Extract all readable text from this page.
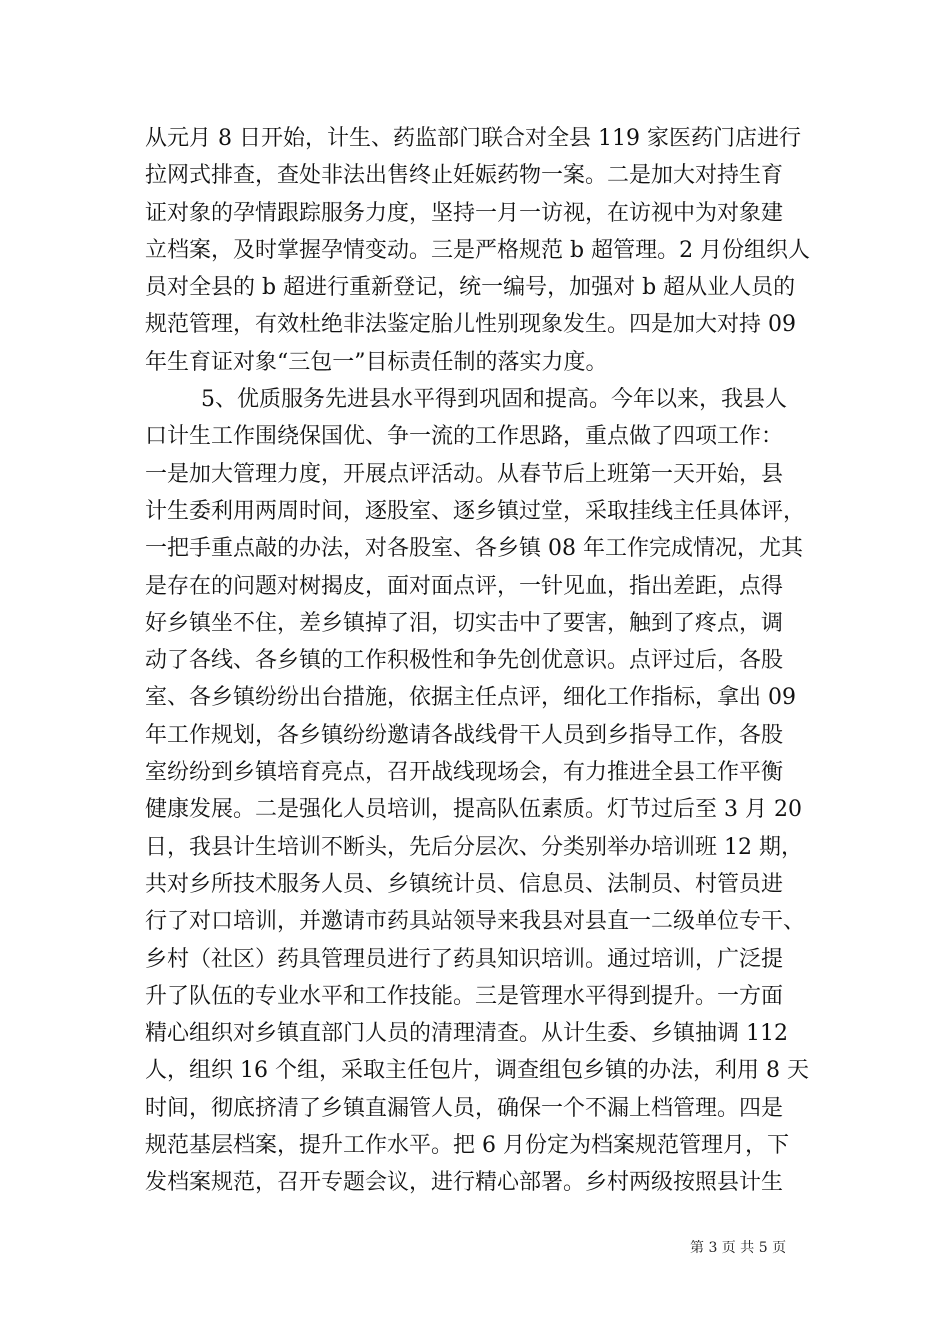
从元月 8 日开始，计生、药监部门联合对全县 119 家医药门店进行
拉网式排查，查处非法出售终止妊娠药物一案。二是加大对持生育
证对象的孕情跟踪服务力度，坚持一月一访视，在访视中为对象建
立档案，及时掌握孕情变动。三是严格规范 b 超管理。2 月份组织人
员对全县的 b 超进行重新登记，统一编号，加强对 b 超从业人员的
规范管理，有效杜绝非法鉴定胎儿性别现象发生。四是加大对持 09
年生育证对象“三包一”目标责任制的落实力度。
5、优质服务先进县水平得到巩固和提高。今年以来，我县人
口计生工作围绕保国优、争一流的工作思路，重点做了四项工作：
一是加大管理力度，开展点评活动。从春节后上班第一天开始，县
计生委利用两周时间，逐股室、逐乡镇过堂，采取挂线主任具体评，
一把手重点敲的办法，对各股室、各乡镇 08 年工作完成情况，尤其
是存在的问题对树揭皮，面对面点评，一针见血，指出差距，点得
好乡镇坐不住，差乡镇掉了泪，切实击中了要害，触到了疼点，调
动了各线、各乡镇的工作积极性和争先创优意识。点评过后，各股
室、各乡镇纷纷出台措施，依据主任点评，细化工作指标，拿出 09
年工作规划，各乡镇纷纷邀请各战线骨干人员到乡指导工作，各股
室纷纷到乡镇培育亮点，召开战线现场会，有力推进全县工作平衡
健康发展。二是强化人员培训，提高队伍素质。灯节过后至 3 月 20
日，我县计生培训不断头，先后分层次、分类别举办培训班 12 期，
共对乡所技术服务人员、乡镇统计员、信息员、法制员、村管员进
行了对口培训，并邀请市药具站领导来我县对县直一二级单位专干、
乡村（社区）药具管理员进行了药具知识培训。通过培训，广泛提
升了队伍的专业水平和工作技能。三是管理水平得到提升。一方面
精心组织对乡镇直部门人员的清理清查。从计生委、乡镇抽调 112
人，组织 16 个组，采取主任包片，调查组包乡镇的办法，利用 8 天
时间，彻底挤清了乡镇直漏管人员，确保一个不漏上档管理。四是
规范基层档案，提升工作水平。把 6 月份定为档案规范管理月，下
发档案规范，召开专题会议，进行精心部署。乡村两级按照县计生
第 3 页 共 5 页
